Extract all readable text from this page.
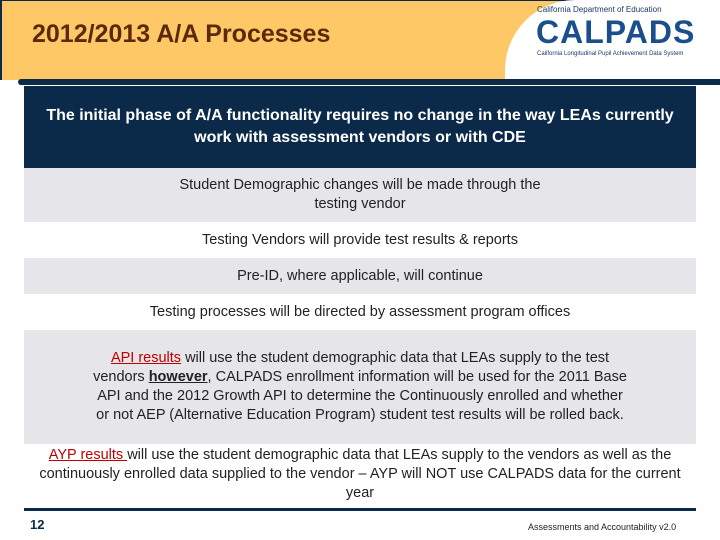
2012/2013 A/A Processes
California Department of Education
CALPADS
California Longitudinal Pupil Achievement Data System
The initial phase of A/A functionality requires no change in the way LEAs currently work with assessment vendors or with CDE
Student Demographic changes will be made through the testing vendor
Testing Vendors will provide test results & reports
Pre-ID, where applicable, will continue
Testing processes will be directed by assessment program offices
API results will use the student demographic data that LEAs supply to the test vendors however, CALPADS enrollment information will be used for the 2011 Base API and the 2012 Growth API to determine the Continuously enrolled and whether or not AEP (Alternative Education Program) student test results will be rolled back.
AYP results will use the student demographic data that LEAs supply to the vendors as well as the continuously enrolled data supplied to the vendor – AYP will NOT use CALPADS data for the current year
12	Assessments and Accountability v2.0
